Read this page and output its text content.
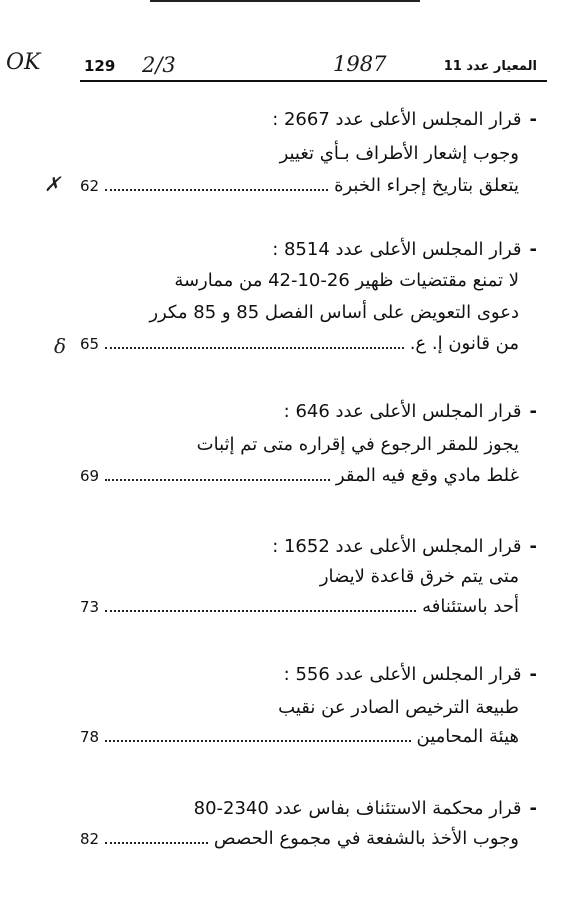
OK	129 2/3	1987	المعيار عدد 11
-قرار المجلس الأعلى عدد 2667 :
وجوب إشعار الأطراف بـأي تغيير
يتعلق بتاريخ إجراء الخبرة
62
✗
-قرار المجلس الأعلى عدد 8514 :
لا تمنع مقتضيات ظهير 26-10-42 من ممارسة
دعوى التعويض على أساس الفصل 85 و 85 مكرر
من قانون إ. ع.
65
𝛿
-قرار المجلس الأعلى عدد 646 :
يجوز للمقر الرجوع في إقراره متى تم إثبات
غلط مادي وقع فيه المقر
69
-قرار المجلس الأعلى عدد 1652 :
متى يتم خرق قاعدة لايضار
أحد باستئنافه
73
-قرار المجلس الأعلى عدد 556 :
طبيعة الترخيص الصادر عن نقيب
هيئة المحامين
78
-قرار محكمة الاستئناف بفاس عدد 2340-80
وجوب الأخذ بالشفعة في مجموع الحصص
82
